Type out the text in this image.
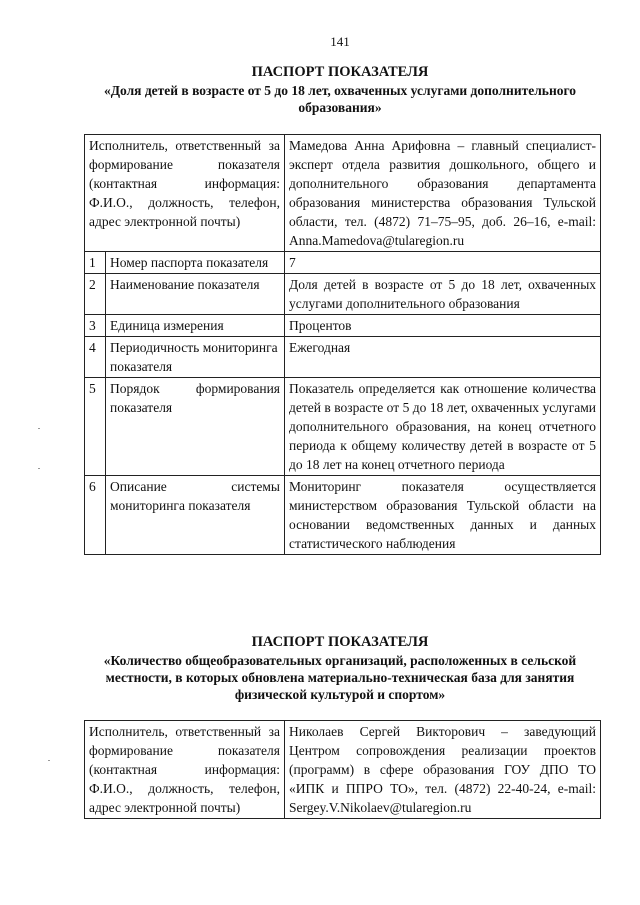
141
ПАСПОРТ ПОКАЗАТЕЛЯ
«Доля детей в возрасте от 5 до 18 лет, охваченных услугами дополнительного образования»
Исполнитель, ответственный за формирование показателя (контактная информация: Ф.И.О., должность, телефон, адрес электронной почты)		Мамедова Анна Арифовна – главный специалист-эксперт отдела развития дошкольного, общего и дополнительного образования департамента образования министерства образования Тульской области, тел. (4872) 71–75–95, доб. 26–16, e-mail: Anna.Mamedova@tularegion.ru
1	Номер паспорта показателя	7
2	Наименование показателя	Доля детей в возрасте от 5 до 18 лет, охваченных услугами дополнительного образования
3	Единица измерения	Процентов
4	Периодичность мониторинга показателя	Ежегодная
5	Порядок формирования показателя	Показатель определяется как отношение количества детей в возрасте от 5 до 18 лет, охваченных услугами дополнительного образования, на конец отчетного периода к общему количеству детей в возрасте от 5 до 18 лет на конец отчетного периода
6	Описание системы мониторинга показателя	Мониторинг показателя осуществляется министерством образования Тульской области на основании ведомственных данных и данных статистического наблюдения
ПАСПОРТ ПОКАЗАТЕЛЯ
«Количество общеобразовательных организаций, расположенных в сельской местности, в которых обновлена материально-техническая база для занятия физической культурой и спортом»
Исполнитель, ответственный за формирование показателя (контактная информация: Ф.И.О., должность, телефон, адрес электронной почты)	Николаев Сергей Викторович – заведующий Центром сопровождения реализации проектов (программ) в сфере образования ГОУ ДПО ТО «ИПК и ППРО ТО», тел. (4872) 22-40-24, e-mail: Sergey.V.Nikolaev@tularegion.ru
